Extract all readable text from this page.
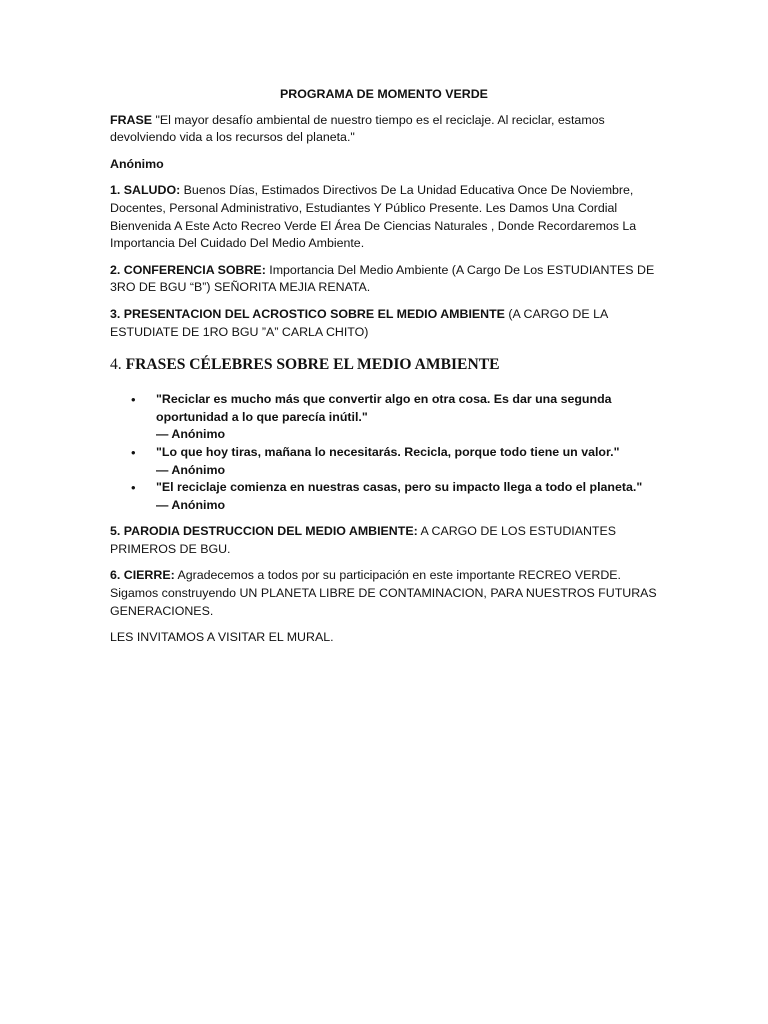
PROGRAMA DE MOMENTO VERDE

FRASE "El mayor desafío ambiental de nuestro tiempo es el reciclaje. Al reciclar, estamos devolviendo vida a los recursos del planeta."

Anónimo

1. SALUDO: Buenos Días, Estimados Directivos De La Unidad Educativa Once De Noviembre, Docentes, Personal Administrativo, Estudiantes Y Público Presente. Les Damos Una Cordial Bienvenida A Este Acto Recreo Verde El Área De Ciencias Naturales , Donde Recordaremos La Importancia Del Cuidado Del Medio Ambiente.

2. CONFERENCIA SOBRE: Importancia Del Medio Ambiente (A Cargo De Los ESTUDIANTES DE 3RO DE BGU “B”) SEÑORITA MEJIA RENATA.

3. PRESENTACION DEL ACROSTICO SOBRE EL MEDIO AMBIENTE (A CARGO DE LA ESTUDIATE DE 1RO BGU ”A” CARLA CHITO)

4. FRASES CÉLEBRES SOBRE EL MEDIO AMBIENTE
• "Reciclar es mucho más que convertir algo en otra cosa. Es dar una segunda oportunidad a lo que parecía inútil."
— Anónimo
• "Lo que hoy tiras, mañana lo necesitarás. Recicla, porque todo tiene un valor."
— Anónimo
• "El reciclaje comienza en nuestras casas, pero su impacto llega a todo el planeta."
— Anónimo

5. PARODIA DESTRUCCION DEL MEDIO AMBIENTE: A CARGO DE LOS ESTUDIANTES PRIMEROS DE BGU.

6. CIERRE: Agradecemos a todos por su participación en este importante RECREO VERDE. Sigamos construyendo UN PLANETA LIBRE DE CONTAMINACION, PARA NUESTROS FUTURAS GENERACIONES.

LES INVITAMOS A VISITAR EL MURAL.
